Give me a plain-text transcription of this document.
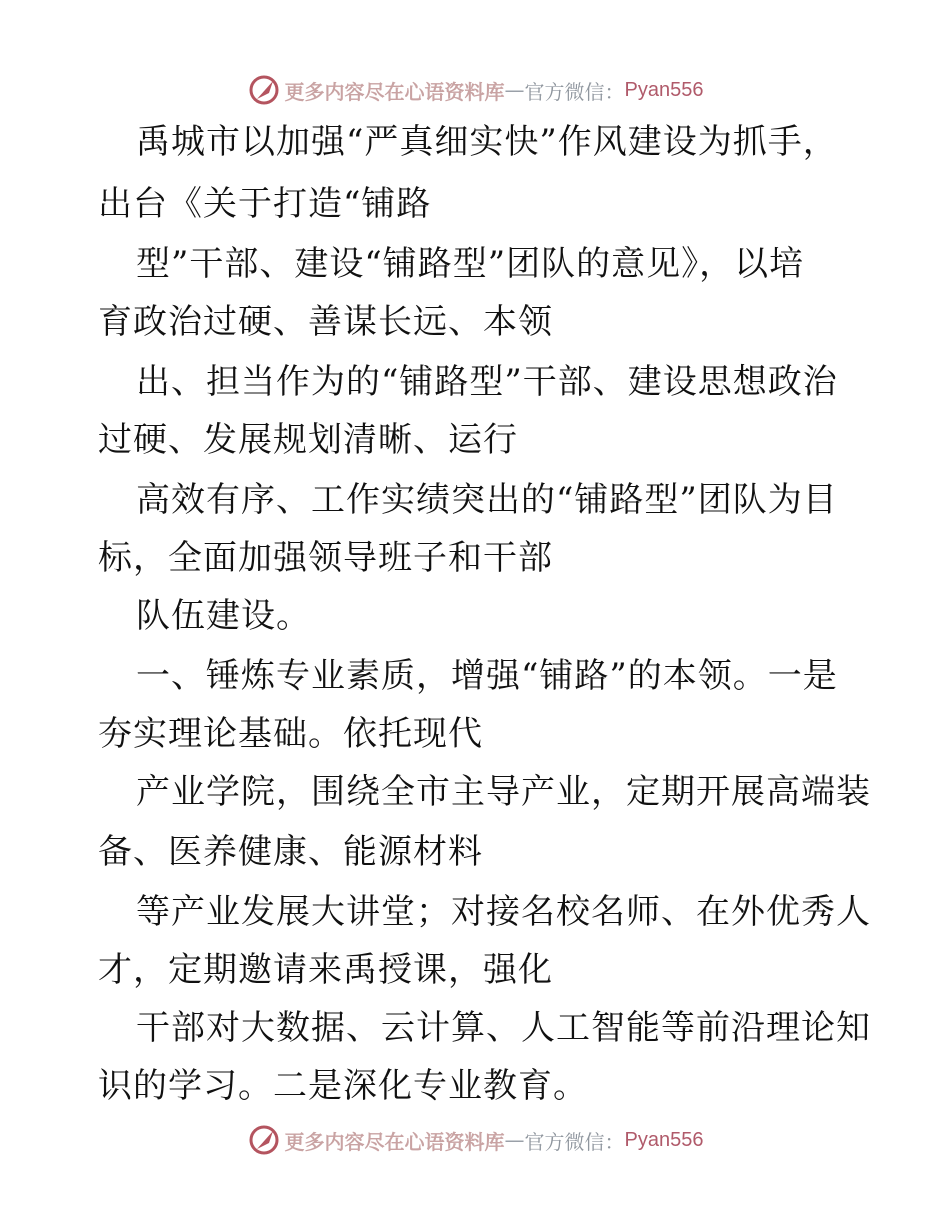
更多内容尽在心语资料库 — 官方微信： Pyan556
禹城市以加强“严真细实快”作风建设为抓手，
出台《关于打造“铺路
型”干部、建设“铺路型”团队的意见》，以培
育政治过硬、善谋长远、本领
出、担当作为的“铺路型”干部、建设思想政治
过硬、发展规划清晰、运行
高效有序、工作实绩突出的“铺路型”团队为目
标，全面加强领导班子和干部
队伍建设。
一、锤炼专业素质，增强“铺路”的本领。一是
夯实理论基础。依托现代
产业学院，围绕全市主导产业，定期开展高端装
备、医养健康、能源材料
等产业发展大讲堂；对接名校名师、在外优秀人
才，定期邀请来禹授课，强化
干部对大数据、云计算、人工智能等前沿理论知
识的学习。二是深化专业教育。
更多内容尽在心语资料库 — 官方微信： Pyan556
